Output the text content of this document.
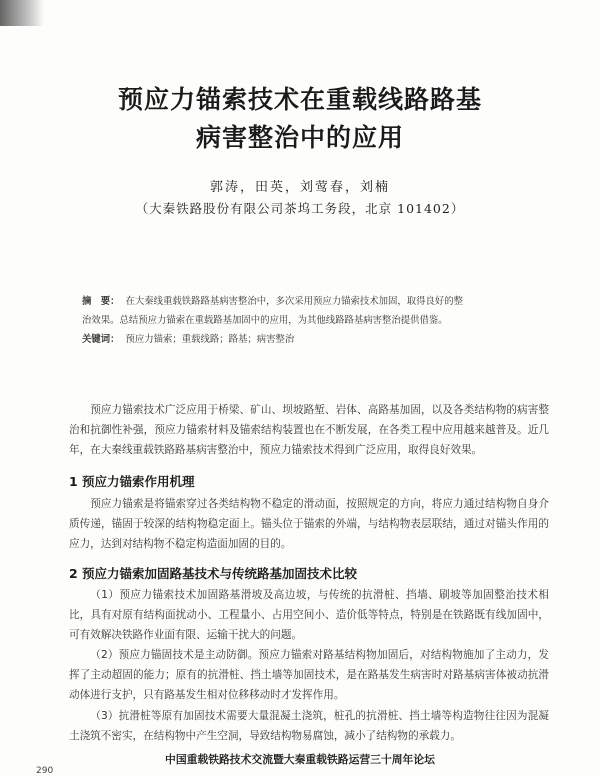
预应力锚索技术在重载线路路基
病害整治中的应用
郭涛，田英，刘莺春，刘楠
（大秦铁路股份有限公司茶坞工务段，北京 101402）
摘　要： 在大秦线重载铁路路基病害整治中，多次采用预应力锚索技术加固，取得良好的整
治效果。总结预应力锚索在重载路基加固中的应用，为其他线路路基病害整治提供借鉴。
关键词： 预应力锚索；重载线路；路基；病害整治

预应力锚索技术广泛应用于桥梁、矿山、坝坡路堑、岩体、高路基加固，以及各类结构物的病害整治和抗御性补强，预应力锚索材料及锚索结构装置也在不断发展，在各类工程中应用越来越普及。近几年，在大秦线重载铁路路基病害整治中，预应力锚索技术得到广泛应用，取得良好效果。

1 预应力锚索作用机理

预应力锚索是将锚索穿过各类结构物不稳定的滑动面，按照规定的方向，将应力通过结构物自身介质传递，锚固于较深的结构物稳定面上。锚头位于锚索的外端，与结构物表层联结，通过对锚头作用的应力，达到对结构物不稳定构造面加固的目的。

2 预应力锚索加固路基技术与传统路基加固技术比较

（1）预应力锚索技术加固路基滑坡及高边坡，与传统的抗滑桩、挡墙、刷坡等加固整治技术相比，具有对原有结构面扰动小、工程量小、占用空间小、造价低等特点，特别是在铁路既有线加固中，可有效解决铁路作业面有限、运输干扰大的问题。

（2）预应力锚固技术是主动防御。预应力锚索对路基结构物加固后，对结构物施加了主动力，发挥了主动超固的能力；原有的抗滑桩、挡土墙等加固技术，是在路基发生病害时对路基病害体被动抗滑动体进行支护，只有路基发生相对位移移动时才发挥作用。

（3）抗滑桩等原有加固技术需要大量混凝土浇筑，桩孔的抗滑桩、挡土墙等构造物往往因为混凝土浇筑不密实，在结构物中产生空洞，导致结构物易腐蚀，减小了结构物的承载力。

中国重载铁路技术交流暨大秦重载铁路运营三十周年论坛
290
